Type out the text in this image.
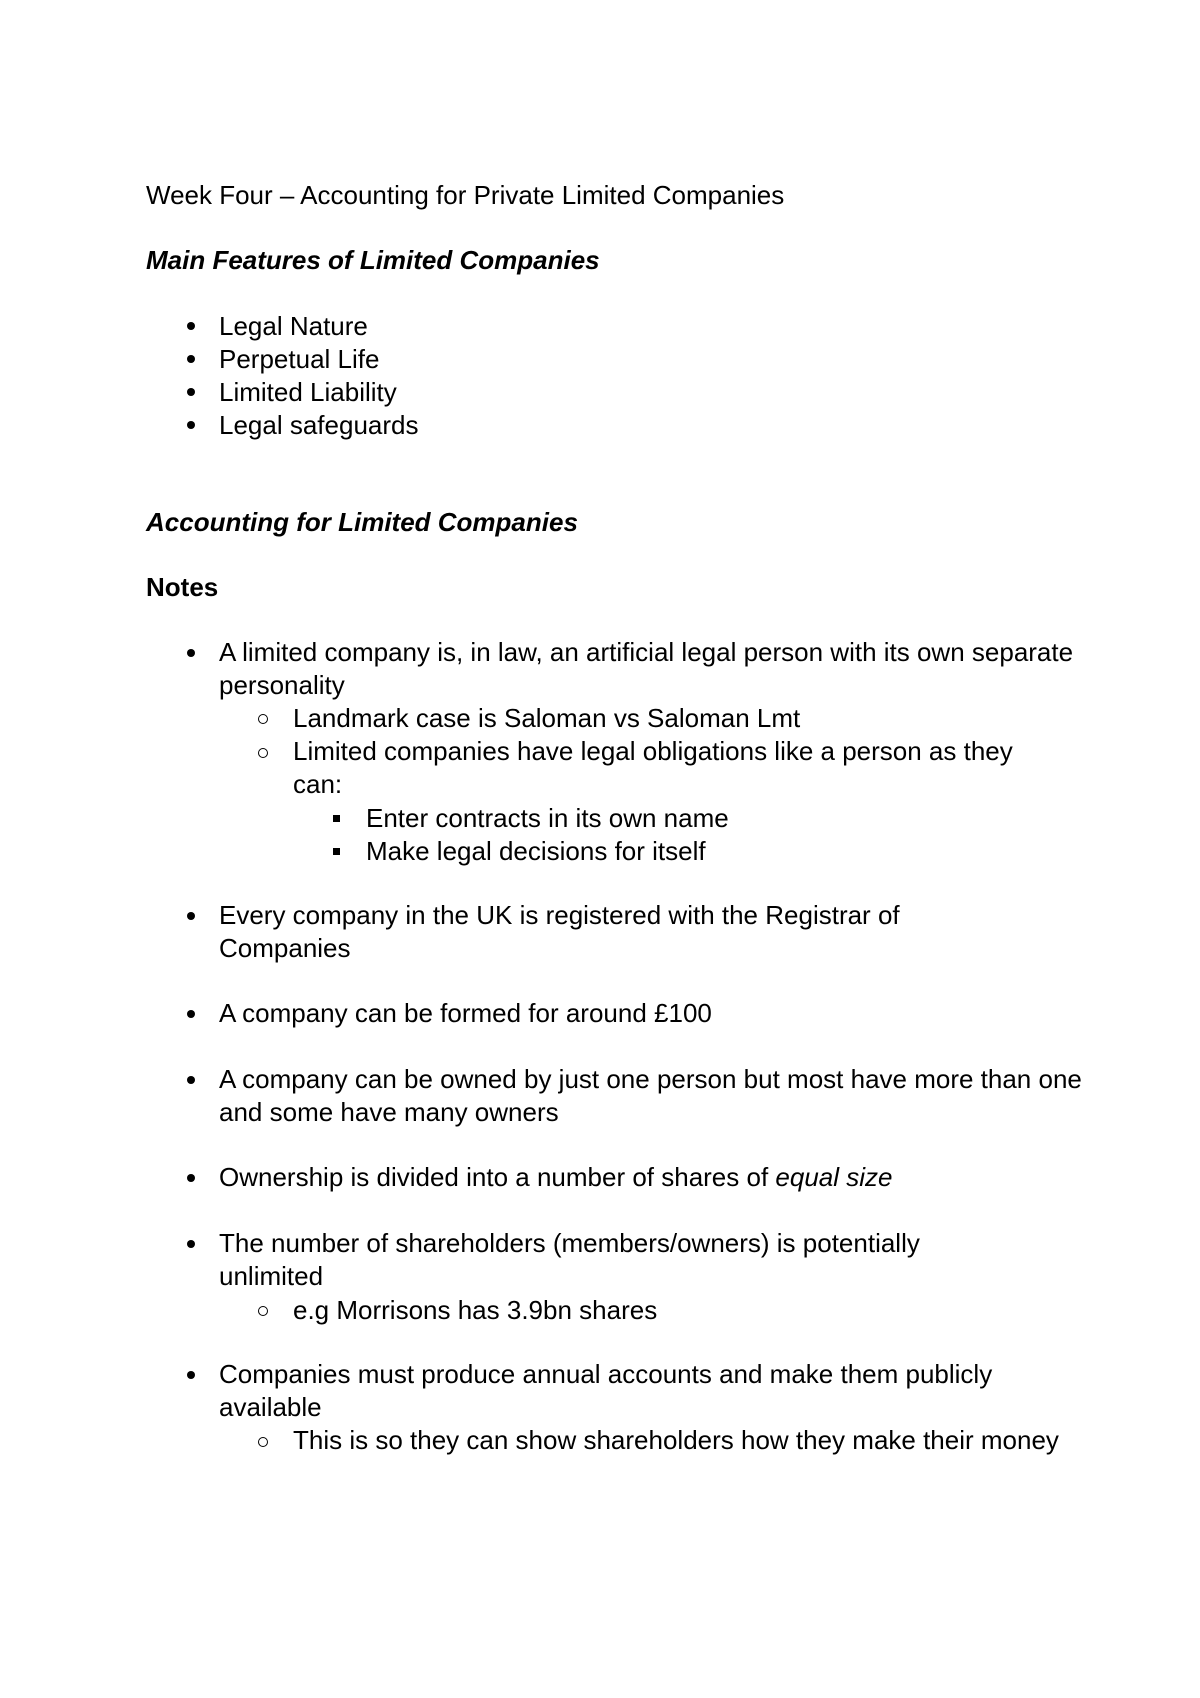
Week Four – Accounting for Private Limited Companies
Main Features of Limited Companies
Legal Nature
Perpetual Life
Limited Liability
Legal safeguards
Accounting for Limited Companies
Notes
A limited company is, in law, an artificial legal person with its own separate personality
Landmark case is Saloman vs Saloman Lmt
Limited companies have legal obligations like a person as they can:
Enter contracts in its own name
Make legal decisions for itself
Every company in the UK is registered with the Registrar of Companies
A company can be formed for around £100
A company can be owned by just one person but most have more than one and some have many owners
Ownership is divided into a number of shares of equal size
The number of shareholders (members/owners) is potentially unlimited
e.g Morrisons has 3.9bn shares
Companies must produce annual accounts and make them publicly available
This is so they can show shareholders how they make their money
